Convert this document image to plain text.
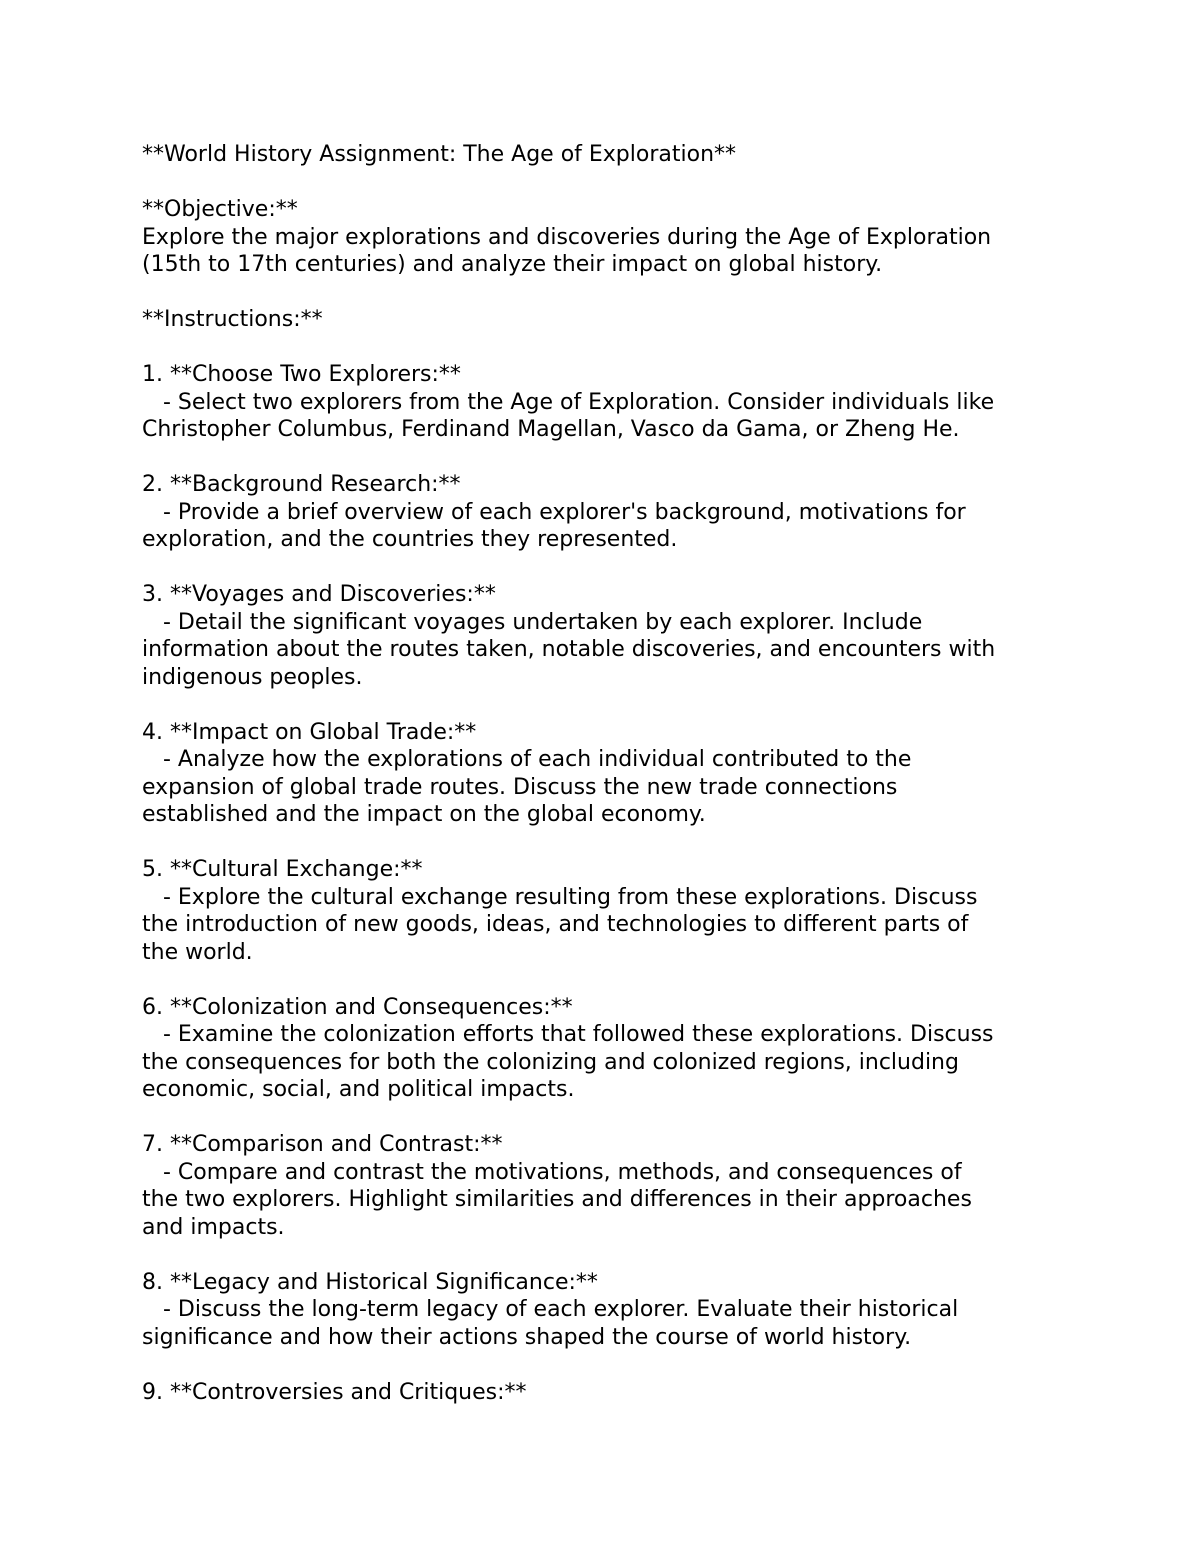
**World History Assignment: The Age of Exploration**
**Objective:**
Explore the major explorations and discoveries during the Age of Exploration
(15th to 17th centuries) and analyze their impact on global history.
**Instructions:**
1. **Choose Two Explorers:**
- Select two explorers from the Age of Exploration. Consider individuals like
Christopher Columbus, Ferdinand Magellan, Vasco da Gama, or Zheng He.
2. **Background Research:**
- Provide a brief overview of each explorer's background, motivations for
exploration, and the countries they represented.
3. **Voyages and Discoveries:**
- Detail the significant voyages undertaken by each explorer. Include
information about the routes taken, notable discoveries, and encounters with
indigenous peoples.
4. **Impact on Global Trade:**
- Analyze how the explorations of each individual contributed to the
expansion of global trade routes. Discuss the new trade connections
established and the impact on the global economy.
5. **Cultural Exchange:**
- Explore the cultural exchange resulting from these explorations. Discuss
the introduction of new goods, ideas, and technologies to different parts of
the world.
6. **Colonization and Consequences:**
- Examine the colonization efforts that followed these explorations. Discuss
the consequences for both the colonizing and colonized regions, including
economic, social, and political impacts.
7. **Comparison and Contrast:**
- Compare and contrast the motivations, methods, and consequences of
the two explorers. Highlight similarities and differences in their approaches
and impacts.
8. **Legacy and Historical Significance:**
- Discuss the long-term legacy of each explorer. Evaluate their historical
significance and how their actions shaped the course of world history.
9. **Controversies and Critiques:**
